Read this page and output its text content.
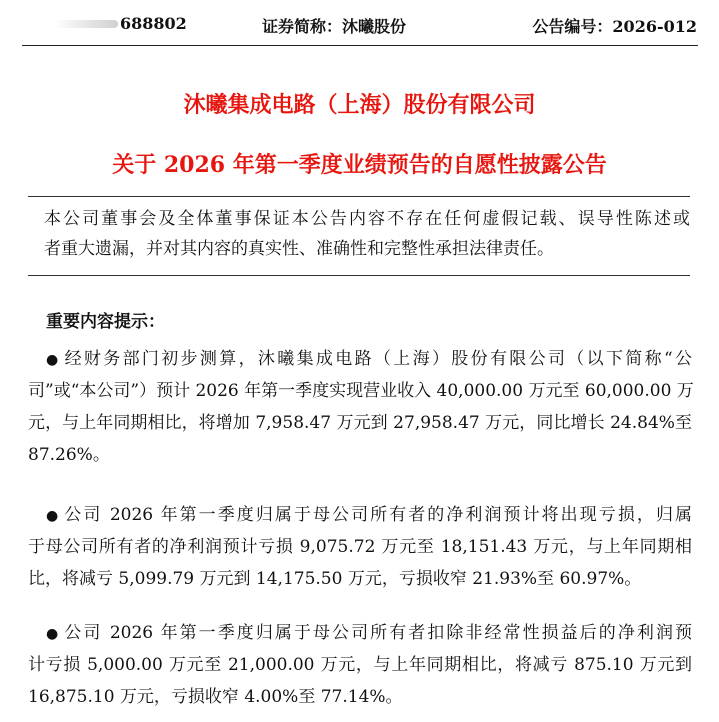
688802	证券简称：沐曦股份	公告编号：2026-012
沐曦集成电路（上海）股份有限公司
关于 2026 年第一季度业绩预告的自愿性披露公告

本公司董事会及全体董事保证本公告内容不存在任何虚假记载、误导性陈述或

者重大遗漏，并对其内容的真实性、准确性和完整性承担法律责任。

重要内容提示：
● 经财务部门初步测算，沐曦集成电路（上海）股份有限公司（以下简称“公
司”或“本公司”）预计 2026 年第一季度实现营业收入 40,000.00 万元至 60,000.00 万
元，与上年同期相比，将增加 7,958.47 万元到 27,958.47 万元，同比增长 24.84%至
87.26%。
● 公司 2026 年第一季度归属于母公司所有者的净利润预计将出现亏损，归属
于母公司所有者的净利润预计亏损 9,075.72 万元至 18,151.43 万元，与上年同期相
比，将减亏 5,099.79 万元到 14,175.50 万元，亏损收窄 21.93%至 60.97%。
● 公司 2026 年第一季度归属于母公司所有者扣除非经常性损益后的净利润预
计亏损 5,000.00 万元至 21,000.00 万元，与上年同期相比，将减亏 875.10 万元到
16,875.10 万元，亏损收窄 4.00%至 77.14%。
